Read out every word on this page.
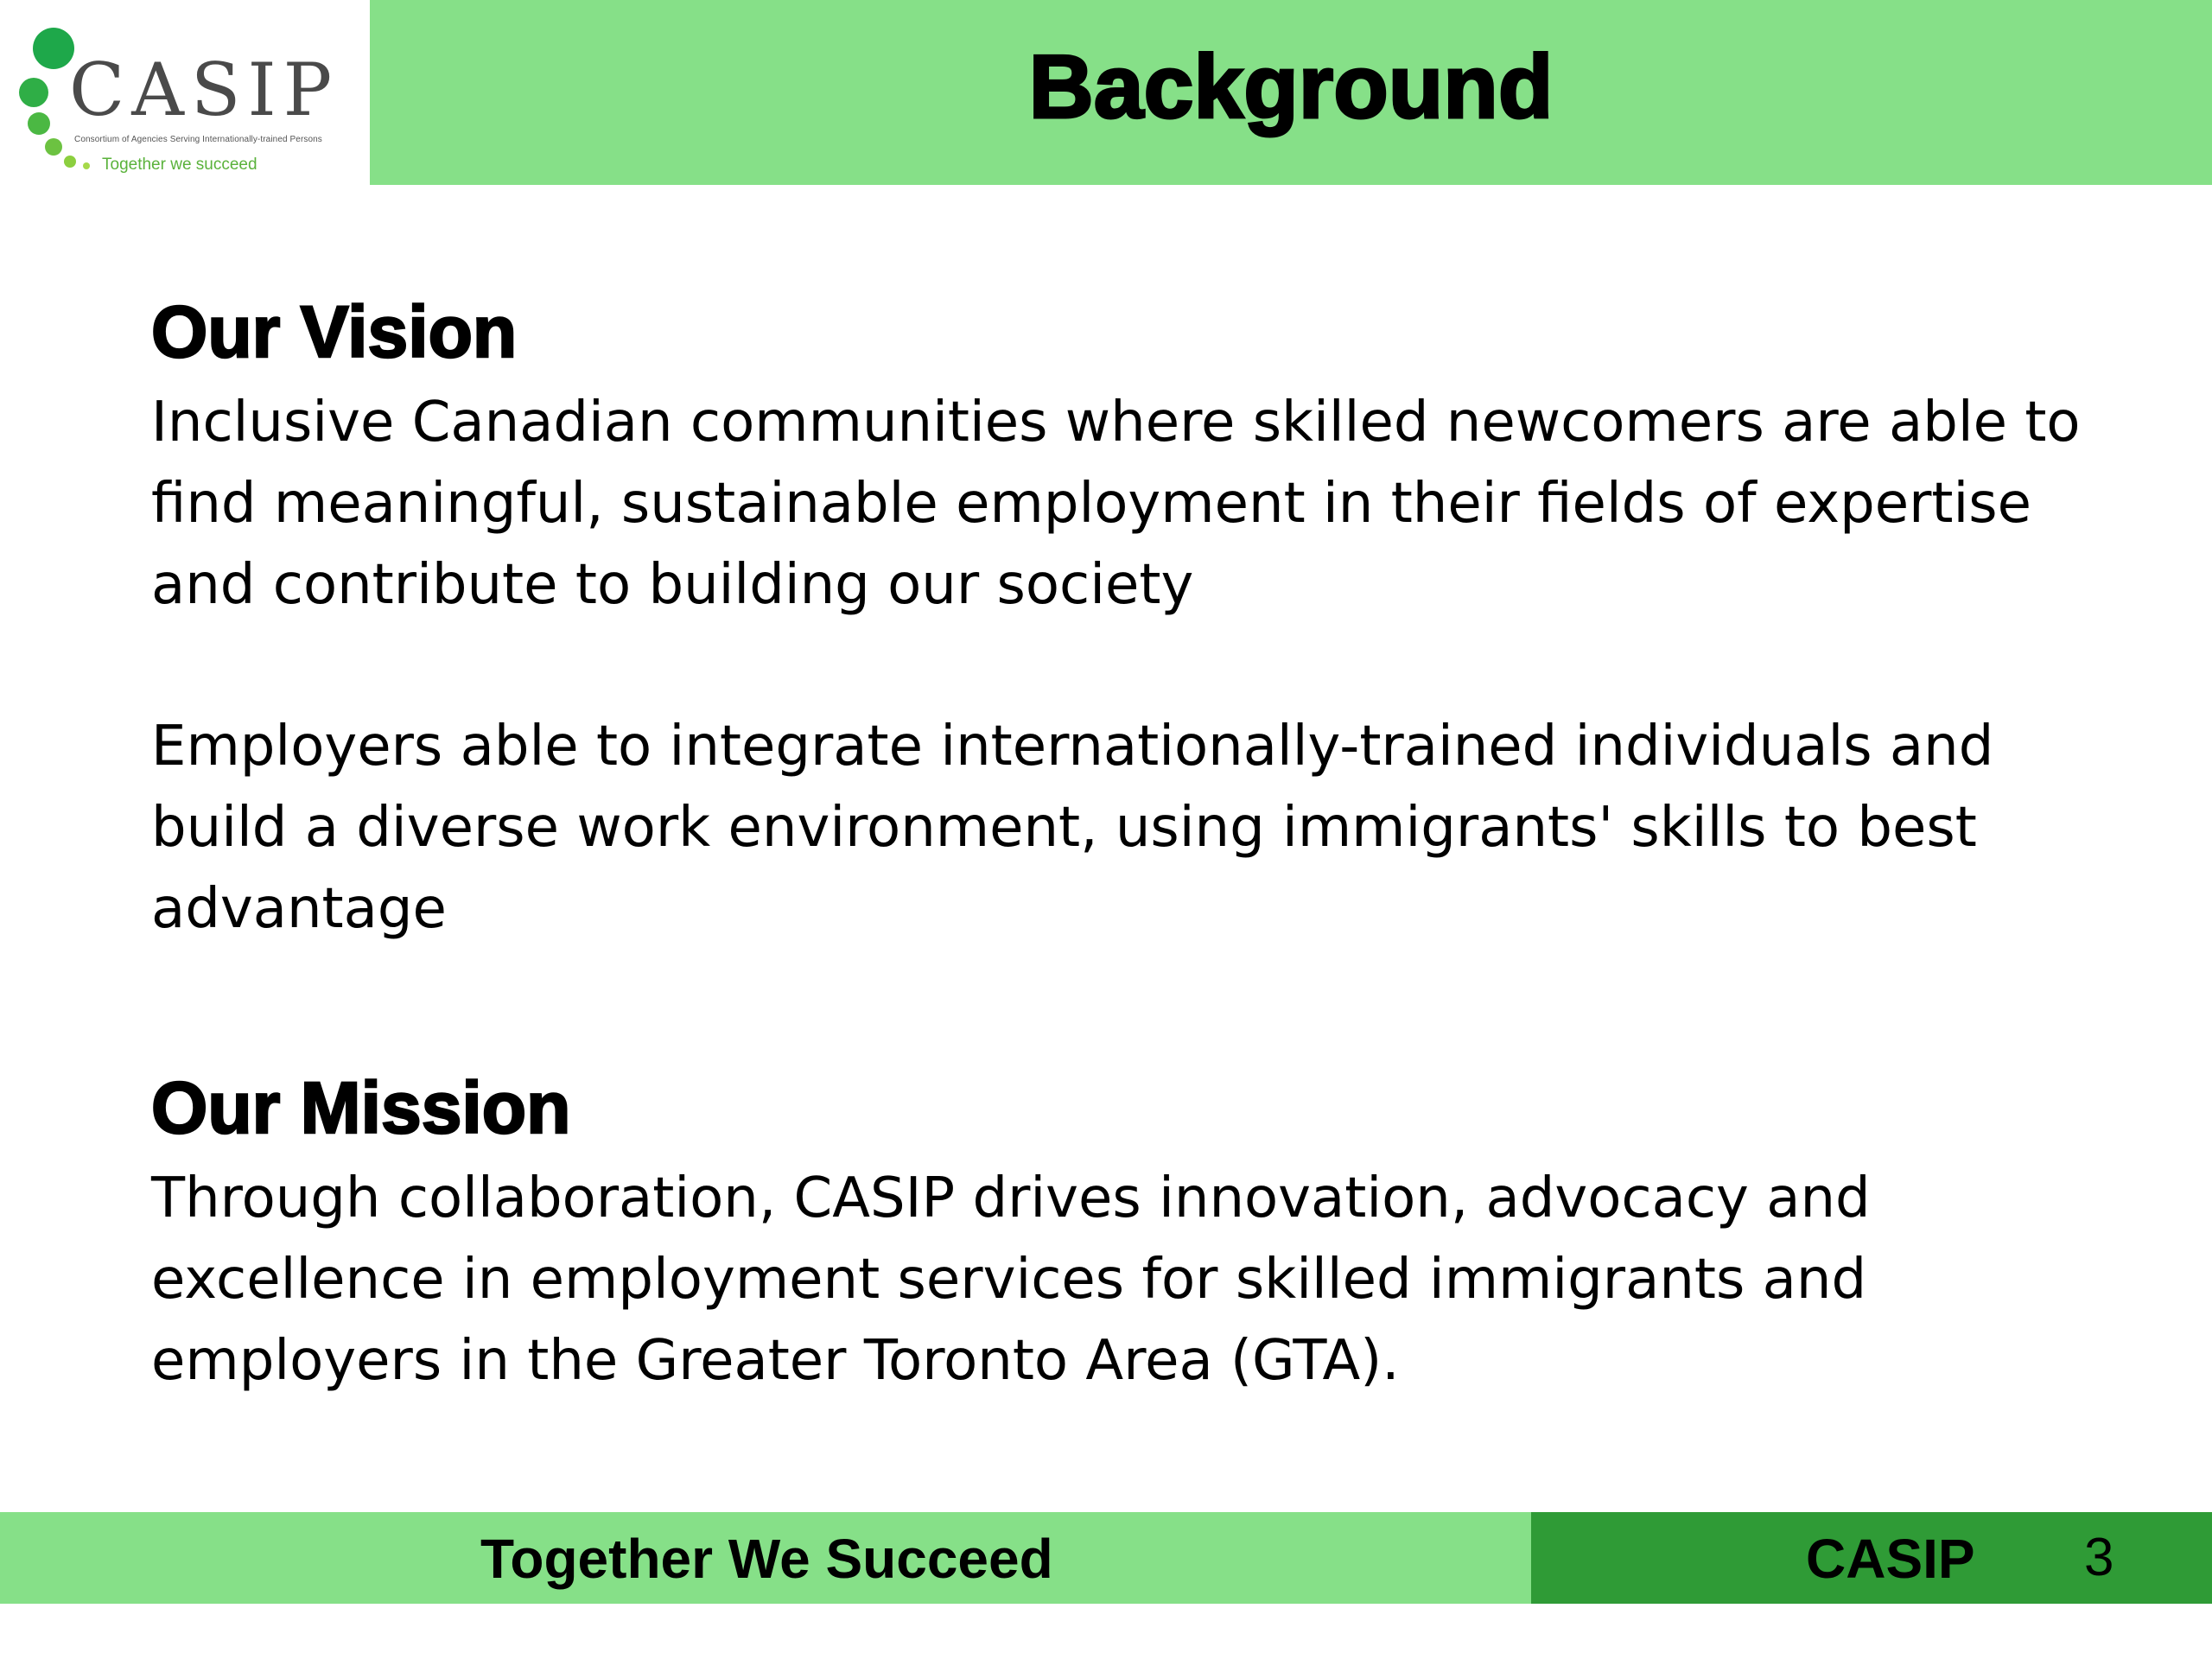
CASIP
Consortium of Agencies Serving Internationally-trained Persons
Together we succeed
Background
Our Vision

Inclusive Canadian communities where skilled newcomers are able to find meaningful, sustainable employment in their fields of expertise and contribute to building our society

Employers able to integrate internationally-trained individuals and build a diverse work environment, using immigrants' skills to best advantage

Our Mission

Through collaboration, CASIP drives innovation, advocacy and excellence in employment services for skilled immigrants and employers in the Greater Toronto Area (GTA).

Together We Succeed	CASIP 3
